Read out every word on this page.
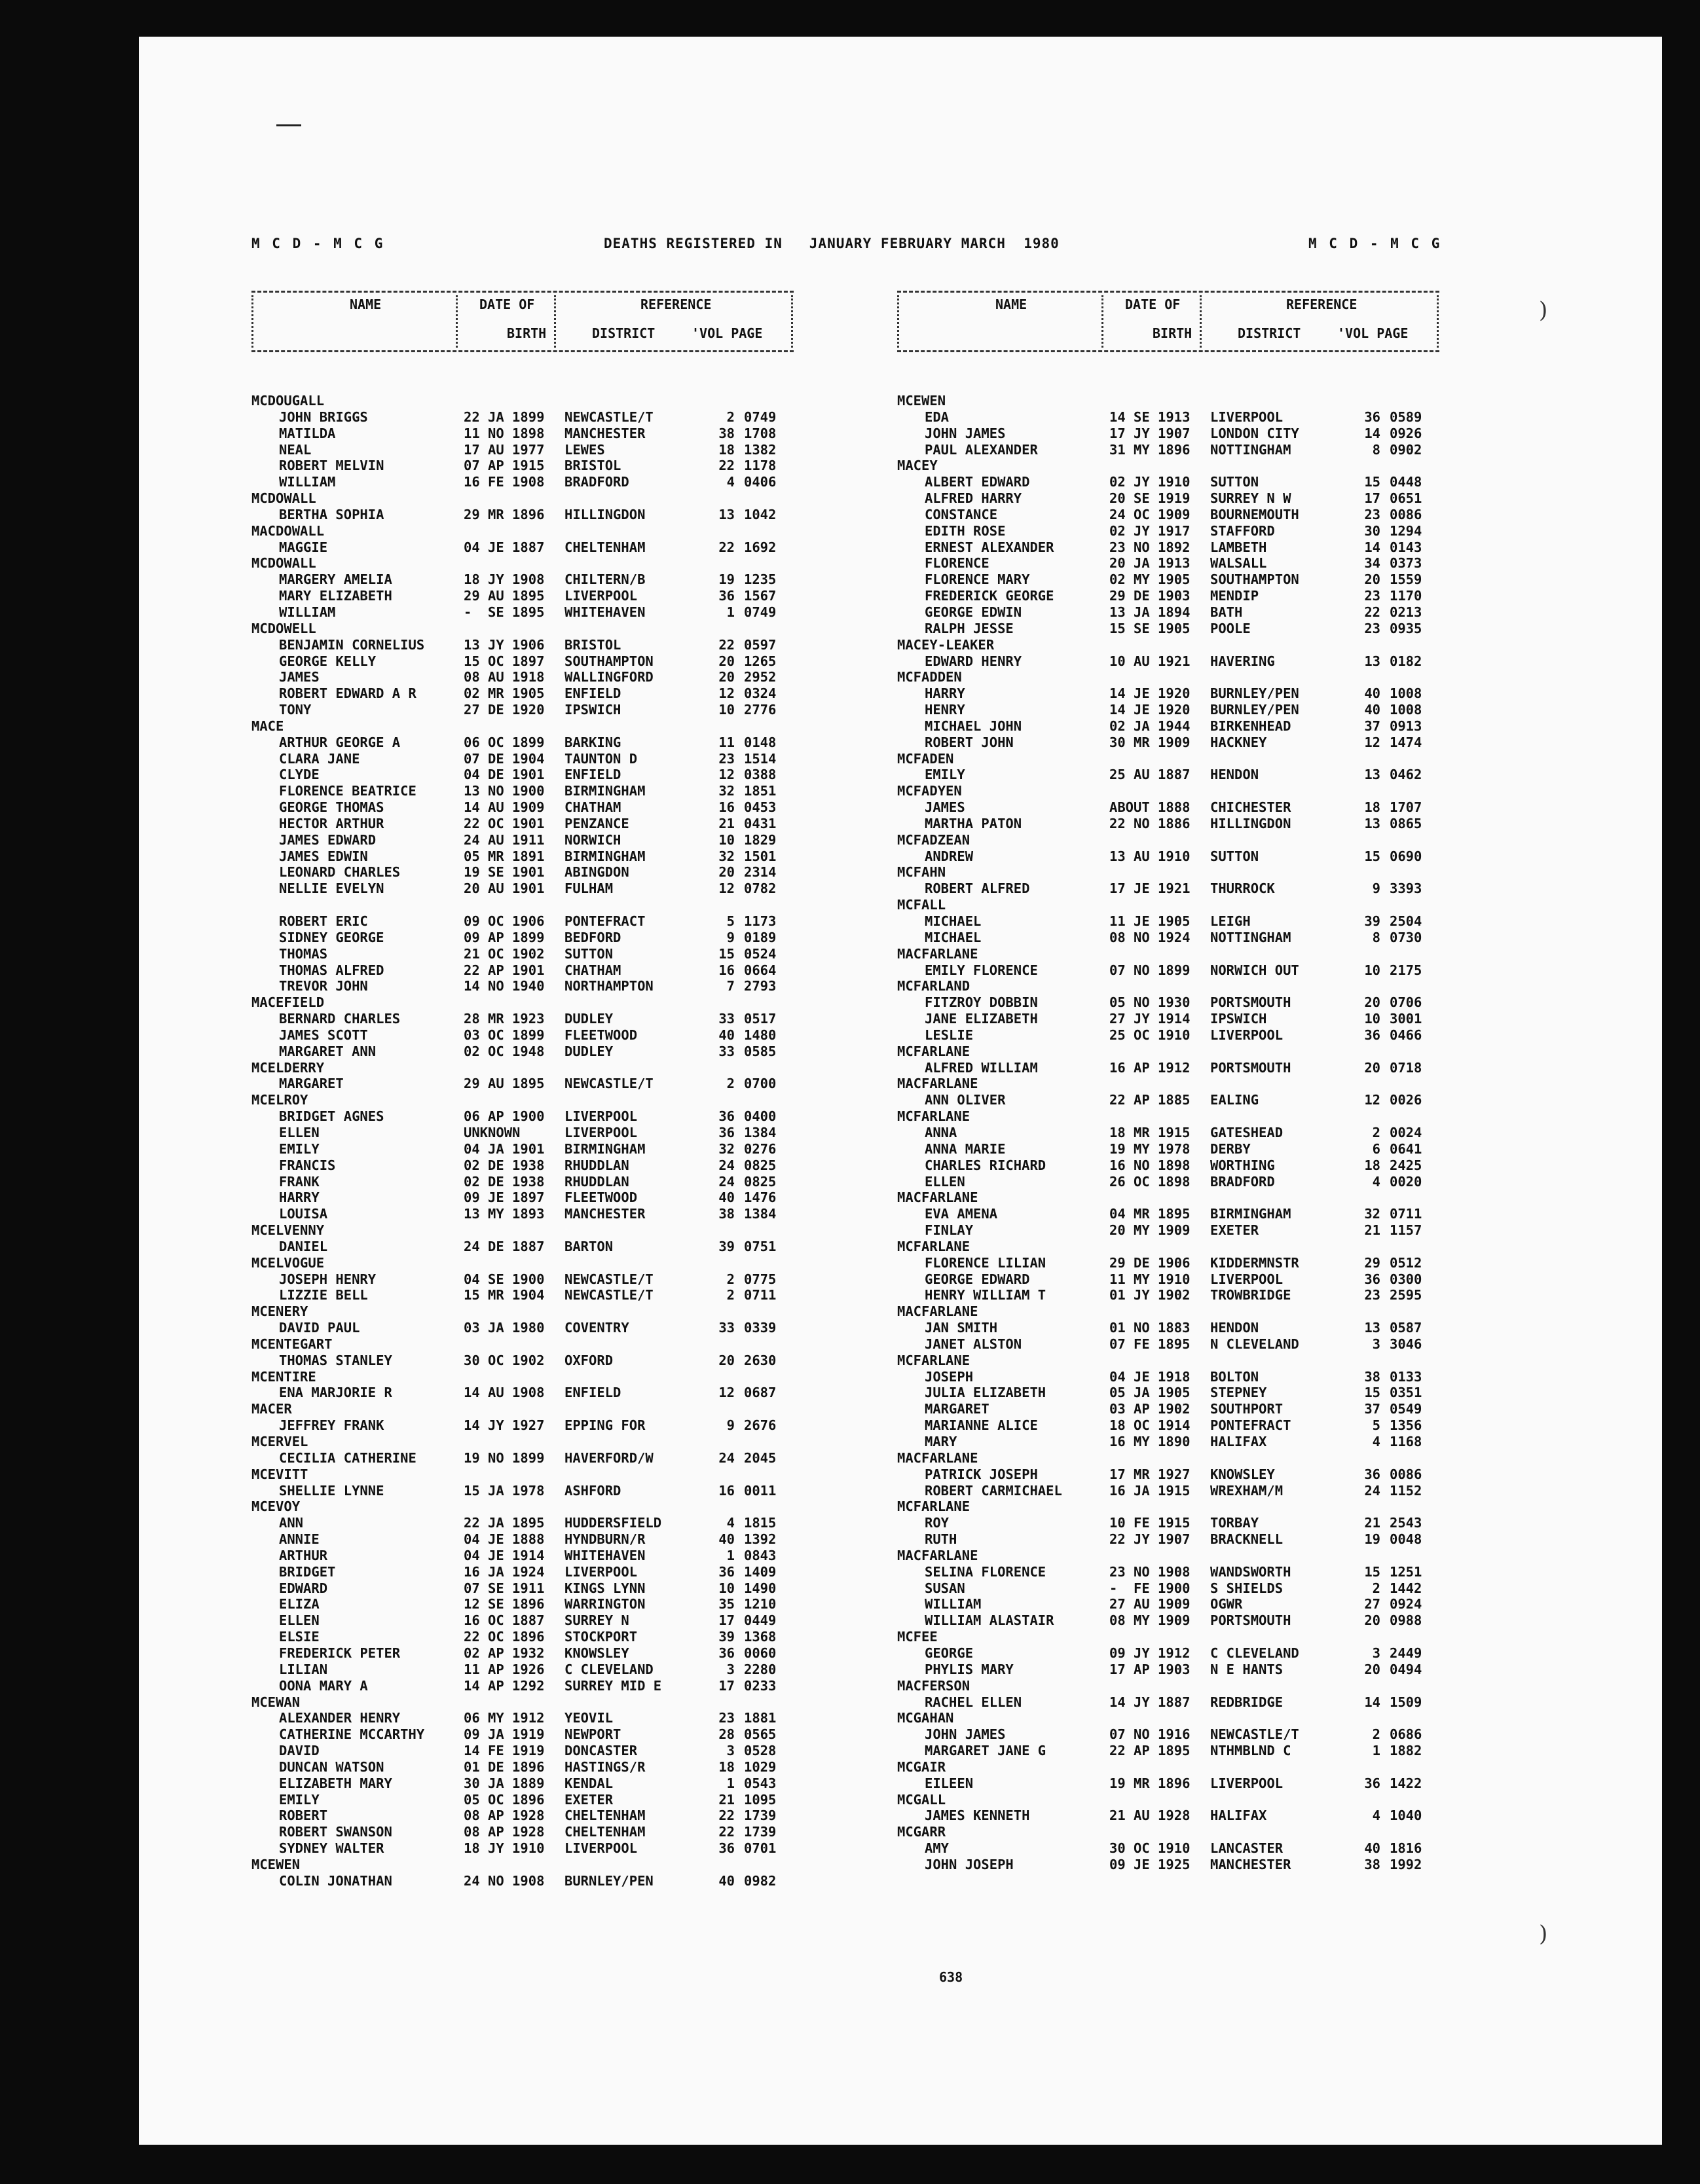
M C D - M C G	DEATHS REGISTERED IN   JANUARY FEBRUARY MARCH  1980	M C D - M C G
NAME	DATE OF
BIRTH
REFERENCE
DISTRICT	'VOL PAGE
MCDOUGALL
JOHN BRIGGS	22 JA 1899 NEWCASTLE/T	2 0749
MATILDA	11 NO 1898 MANCHESTER	38 1708
NEAL	17 AU 1977 LEWES	18 1382
ROBERT MELVIN	07 AP 1915 BRISTOL	22 1178
WILLIAM	16 FE 1908 BRADFORD	4 0406
MCDOWALL
BERTHA SOPHIA	29 MR 1896 HILLINGDON	13 1042
MACDOWALL
MAGGIE	04 JE 1887 CHELTENHAM	22 1692
MCDOWALL
MARGERY AMELIA	18 JY 1908 CHILTERN/B	19 1235
MARY ELIZABETH	29 AU 1895 LIVERPOOL	36 1567
WILLIAM	-  SE 1895 WHITEHAVEN	1 0749
MCDOWELL
BENJAMIN CORNELIUS	13 JY 1906 BRISTOL	22 0597
GEORGE KELLY	15 OC 1897 SOUTHAMPTON	20 1265
JAMES	08 AU 1918 WALLINGFORD	20 2952
ROBERT EDWARD A R	02 MR 1905 ENFIELD	12 0324
TONY	27 DE 1920 IPSWICH	10 2776
MACE
ARTHUR GEORGE A	06 OC 1899 BARKING	11 0148
CLARA JANE	07 DE 1904 TAUNTON D	23 1514
CLYDE	04 DE 1901 ENFIELD	12 0388
FLORENCE BEATRICE	13 NO 1900 BIRMINGHAM	32 1851
GEORGE THOMAS	14 AU 1909 CHATHAM	16 0453
HECTOR ARTHUR	22 OC 1901 PENZANCE	21 0431
JAMES EDWARD	24 AU 1911 NORWICH	10 1829
JAMES EDWIN	05 MR 1891 BIRMINGHAM	32 1501
LEONARD CHARLES	19 SE 1901 ABINGDON	20 2314
NELLIE EVELYN	20 AU 1901 FULHAM	12 0782
ROBERT ERIC	09 OC 1906 PONTEFRACT	5 1173
SIDNEY GEORGE	09 AP 1899 BEDFORD	9 0189
THOMAS	21 OC 1902 SUTTON	15 0524
THOMAS ALFRED	22 AP 1901 CHATHAM	16 0664
TREVOR JOHN	14 NO 1940 NORTHAMPTON	7 2793
MACEFIELD
BERNARD CHARLES	28 MR 1923 DUDLEY	33 0517
JAMES SCOTT	03 OC 1899 FLEETWOOD	40 1480
MARGARET ANN	02 OC 1948 DUDLEY	33 0585
MCELDERRY
MARGARET	29 AU 1895 NEWCASTLE/T	2 0700
MCELROY
BRIDGET AGNES	06 AP 1900 LIVERPOOL	36 0400
ELLEN	UNKNOWN	LIVERPOOL	36 1384
EMILY	04 JA 1901 BIRMINGHAM	32 0276
FRANCIS	02 DE 1938 RHUDDLAN	24 0825
FRANK	02 DE 1938 RHUDDLAN	24 0825
HARRY	09 JE 1897 FLEETWOOD	40 1476
LOUISA	13 MY 1893 MANCHESTER	38 1384
MCELVENNY
DANIEL	24 DE 1887 BARTON	39 0751
MCELVOGUE
JOSEPH HENRY	04 SE 1900 NEWCASTLE/T	2 0775
LIZZIE BELL	15 MR 1904 NEWCASTLE/T	2 0711
MCENERY
DAVID PAUL	03 JA 1980 COVENTRY	33 0339
MCENTEGART
THOMAS STANLEY	30 OC 1902 OXFORD	20 2630
MCENTIRE
ENA MARJORIE R	14 AU 1908 ENFIELD	12 0687
MACER
JEFFREY FRANK	14 JY 1927 EPPING FOR	9 2676
MCERVEL
CECILIA CATHERINE	19 NO 1899 HAVERFORD/W	24 2045
MCEVITT
SHELLIE LYNNE	15 JA 1978 ASHFORD	16 0011
MCEVOY
ANN	22 JA 1895 HUDDERSFIELD	4 1815
ANNIE	04 JE 1888 HYNDBURN/R	40 1392
ARTHUR	04 JE 1914 WHITEHAVEN	1 0843
BRIDGET	16 JA 1924 LIVERPOOL	36 1409
EDWARD	07 SE 1911 KINGS LYNN	10 1490
ELIZA	12 SE 1896 WARRINGTON	35 1210
ELLEN	16 OC 1887 SURREY N	17 0449
ELSIE	22 OC 1896 STOCKPORT	39 1368
FREDERICK PETER	02 AP 1932 KNOWSLEY	36 0060
LILIAN	11 AP 1926 C CLEVELAND	3 2280
OONA MARY A	14 AP 1292 SURREY MID E	17 0233
MCEWAN
ALEXANDER HENRY	06 MY 1912 YEOVIL	23 1881
CATHERINE MCCARTHY	09 JA 1919 NEWPORT	28 0565
DAVID	14 FE 1919 DONCASTER	3 0528
DUNCAN WATSON	01 DE 1896 HASTINGS/R	18 1029
ELIZABETH MARY	30 JA 1889 KENDAL	1 0543
EMILY	05 OC 1896 EXETER	21 1095
ROBERT	08 AP 1928 CHELTENHAM	22 1739
ROBERT SWANSON	08 AP 1928 CHELTENHAM	22 1739
SYDNEY WALTER	18 JY 1910 LIVERPOOL	36 0701
MCEWEN
COLIN JONATHAN	24 NO 1908 BURNLEY/PEN	40 0982
NAME	DATE OF
BIRTH
REFERENCE
DISTRICT	'VOL PAGE
MCEWEN
EDA	14 SE 1913 LIVERPOOL	36 0589
JOHN JAMES	17 JY 1907 LONDON CITY	14 0926
PAUL ALEXANDER	31 MY 1896 NOTTINGHAM	8 0902
MACEY
ALBERT EDWARD	02 JY 1910 SUTTON	15 0448
ALFRED HARRY	20 SE 1919 SURREY N W	17 0651
CONSTANCE	24 OC 1909 BOURNEMOUTH	23 0086
EDITH ROSE	02 JY 1917 STAFFORD	30 1294
ERNEST ALEXANDER	23 NO 1892 LAMBETH	14 0143
FLORENCE	20 JA 1913 WALSALL	34 0373
FLORENCE MARY	02 MY 1905 SOUTHAMPTON	20 1559
FREDERICK GEORGE	29 DE 1903 MENDIP	23 1170
GEORGE EDWIN	13 JA 1894 BATH	22 0213
RALPH JESSE	15 SE 1905 POOLE	23 0935
MACEY-LEAKER
EDWARD HENRY	10 AU 1921 HAVERING	13 0182
MCFADDEN
HARRY	14 JE 1920 BURNLEY/PEN	40 1008
HENRY	14 JE 1920 BURNLEY/PEN	40 1008
MICHAEL JOHN	02 JA 1944 BIRKENHEAD	37 0913
ROBERT JOHN	30 MR 1909 HACKNEY	12 1474
MCFADEN
EMILY	25 AU 1887 HENDON	13 0462
MCFADYEN
JAMES	ABOUT 1888 CHICHESTER	18 1707
MARTHA PATON	22 NO 1886 HILLINGDON	13 0865
MCFADZEAN
ANDREW	13 AU 1910 SUTTON	15 0690
MCFAHN
ROBERT ALFRED	17 JE 1921 THURROCK	9 3393
MCFALL
MICHAEL	11 JE 1905 LEIGH	39 2504
MICHAEL	08 NO 1924 NOTTINGHAM	8 0730
MACFARLANE
EMILY FLORENCE	07 NO 1899 NORWICH OUT	10 2175
MCFARLAND
FITZROY DOBBIN	05 NO 1930 PORTSMOUTH	20 0706
JANE ELIZABETH	27 JY 1914 IPSWICH	10 3001
LESLIE	25 OC 1910 LIVERPOOL	36 0466
MCFARLANE
ALFRED WILLIAM	16 AP 1912 PORTSMOUTH	20 0718
MACFARLANE
ANN OLIVER	22 AP 1885 EALING	12 0026
MCFARLANE
ANNA	18 MR 1915 GATESHEAD	2 0024
ANNA MARIE	19 MY 1978 DERBY	6 0641
CHARLES RICHARD	16 NO 1898 WORTHING	18 2425
ELLEN	26 OC 1898 BRADFORD	4 0020
MACFARLANE
EVA AMENA	04 MR 1895 BIRMINGHAM	32 0711
FINLAY	20 MY 1909 EXETER	21 1157
MCFARLANE
FLORENCE LILIAN	29 DE 1906 KIDDERMNSTR	29 0512
GEORGE EDWARD	11 MY 1910 LIVERPOOL	36 0300
HENRY WILLIAM T	01 JY 1902 TROWBRIDGE	23 2595
MACFARLANE
JAN SMITH	01 NO 1883 HENDON	13 0587
JANET ALSTON	07 FE 1895 N CLEVELAND	3 3046
MCFARLANE
JOSEPH	04 JE 1918 BOLTON	38 0133
JULIA ELIZABETH	05 JA 1905 STEPNEY	15 0351
MARGARET	03 AP 1902 SOUTHPORT	37 0549
MARIANNE ALICE	18 OC 1914 PONTEFRACT	5 1356
MARY	16 MY 1890 HALIFAX	4 1168
MACFARLANE
PATRICK JOSEPH	17 MR 1927 KNOWSLEY	36 0086
ROBERT CARMICHAEL	16 JA 1915 WREXHAM/M	24 1152
MCFARLANE
ROY	10 FE 1915 TORBAY	21 2543
RUTH	22 JY 1907 BRACKNELL	19 0048
MACFARLANE
SELINA FLORENCE	23 NO 1908 WANDSWORTH	15 1251
SUSAN	-  FE 1900 S SHIELDS	2 1442
WILLIAM	27 AU 1909 OGWR	27 0924
WILLIAM ALASTAIR	08 MY 1909 PORTSMOUTH	20 0988
MCFEE
GEORGE	09 JY 1912 C CLEVELAND	3 2449
PHYLIS MARY	17 AP 1903 N E HANTS	20 0494
MACFERSON
RACHEL ELLEN	14 JY 1887 REDBRIDGE	14 1509
MCGAHAN
JOHN JAMES	07 NO 1916 NEWCASTLE/T	2 0686
MARGARET JANE G	22 AP 1895 NTHMBLND C	1 1882
MCGAIR
EILEEN	19 MR 1896 LIVERPOOL	36 1422
MCGALL
JAMES KENNETH	21 AU 1928 HALIFAX	4 1040
MCGARR
AMY	30 OC 1910 LANCASTER	40 1816
JOHN JOSEPH	09 JE 1925 MANCHESTER	38 1992
638
)
)
